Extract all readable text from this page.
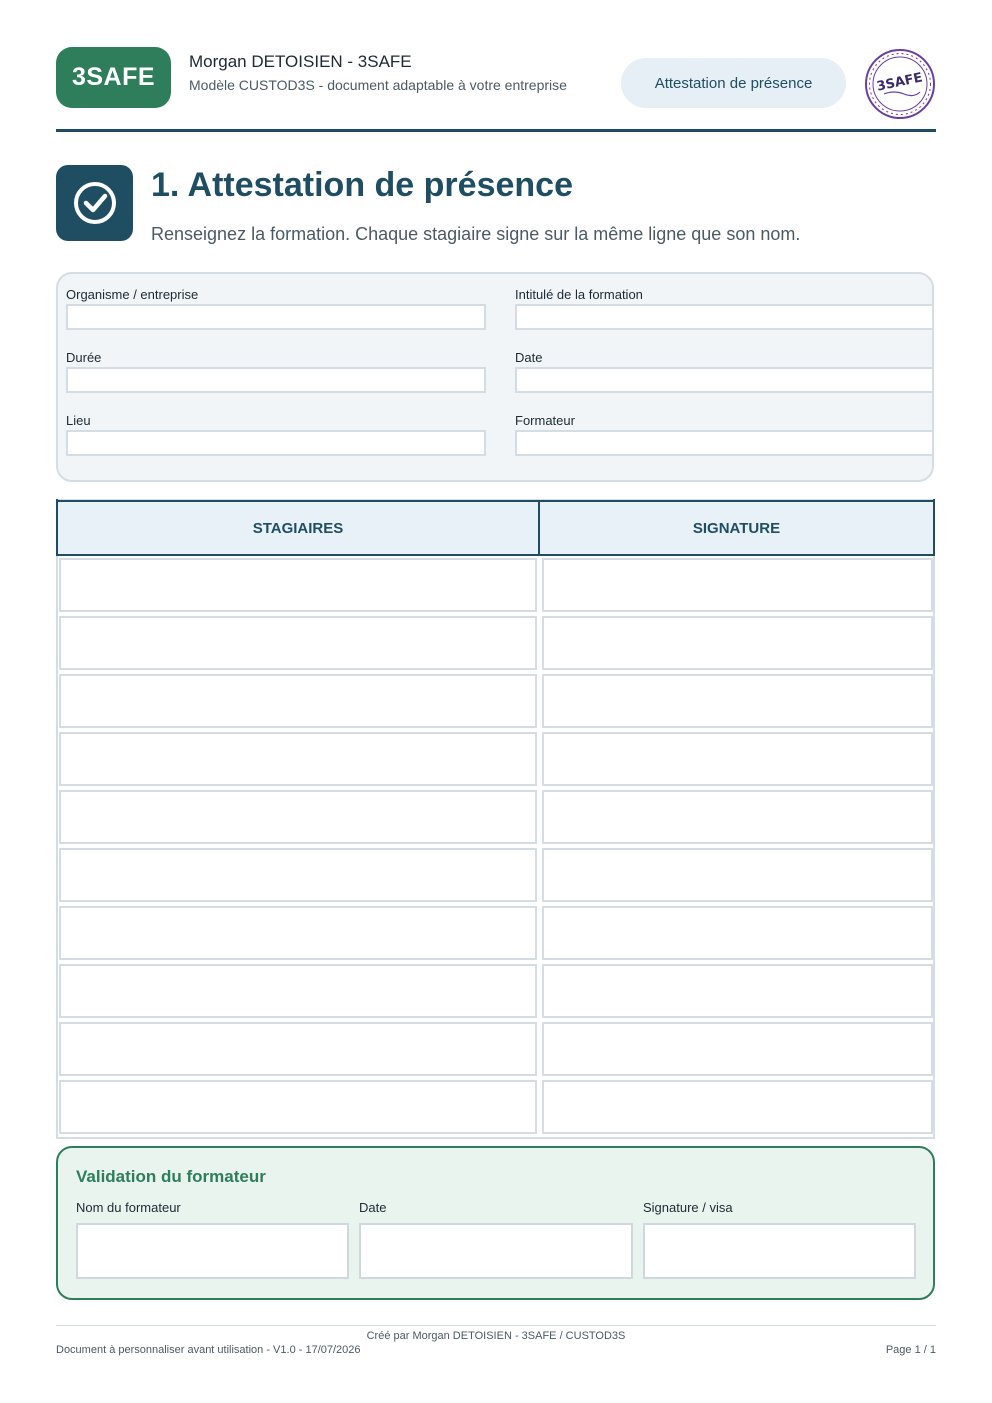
3SAFE
Morgan DETOISIEN - 3SAFE
Modèle CUSTOD3S - document adaptable à votre entreprise	Attestation de présence	3SAFE
1. Attestation de présence
Renseignez la formation. Chaque stagiaire signe sur la même ligne que son nom.
Organisme / entreprise	Intitulé de la formation
Durée	Date
Lieu	Formateur
STAGIAIRES	SIGNATURE
Validation du formateur
Nom du formateur	Date	Signature / visa
Créé par Morgan DETOISIEN - 3SAFE / CUSTOD3S
Document à personnaliser avant utilisation - V1.0 - 17/07/2026	Page 1 / 1
